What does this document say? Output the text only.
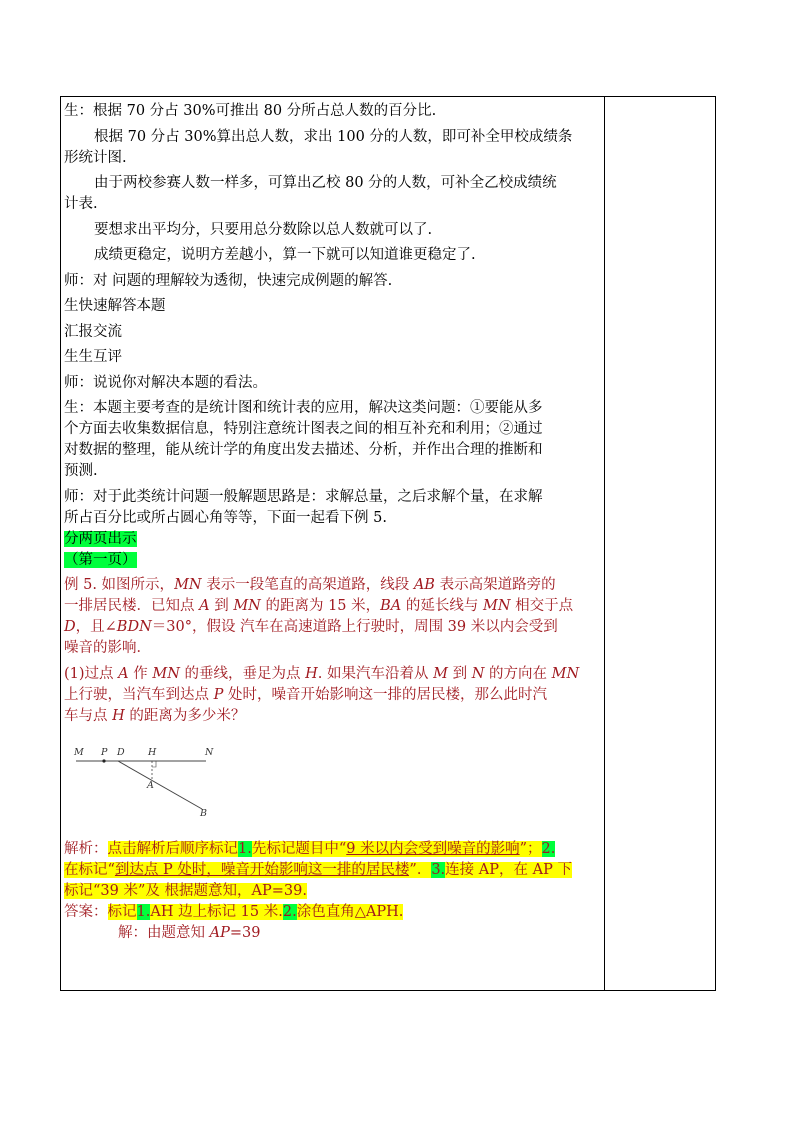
生：根据 70 分占 30%可推出 80 分所占总人数的百分比.
根据 70 分占 30%算出总人数，求出 100 分的人数，即可补全甲校成绩条
形统计图.
由于两校参赛人数一样多，可算出乙校 80 分的人数，可补全乙校成绩统
计表.
要想求出平均分，只要用总分数除以总人数就可以了.
成绩更稳定，说明方差越小，算一下就可以知道谁更稳定了.
师：对 问题的理解较为透彻，快速完成例题的解答.
生快速解答本题
汇报交流
生生互评
师：说说你对解决本题的看法。
生：本题主要考查的是统计图和统计表的应用，解决这类问题：①要能从多
个方面去收集数据信息，特别注意统计图表之间的相互补充和利用；②通过
对数据的整理，能从统计学的角度出发去描述、分析，并作出合理的推断和
预测.
师：对于此类统计问题一般解题思路是：求解总量，之后求解个量，在求解
所占百分比或所占圆心角等等，下面一起看下例 5.
分两页出示
（第一页）
例 5. 如图所示，MN 表示一段笔直的高架道路，线段 AB 表示高架道路旁的
一排居民楼．已知点 A 到 MN 的距离为 15 米，BA 的延长线与 MN 相交于点
D，且∠BDN＝30°，假设 汽车在高速道路上行驶时，周围 39 米以内会受到
噪音的影响．
(1)过点 A 作 MN 的垂线，垂足为点 H. 如果汽车沿着从 M 到 N 的方向在 MN
上行驶，当汽车到达点 P 处时，噪音开始影响这一排的居民楼，那么此时汽
车与点 H 的距离为多少米？
M P D H	N
A
B
解析：点击解析后顺序标记1.先标记题目中“9 米以内会受到噪音的影响”；2.
在标记“到达点 P 处时，噪音开始影响这一排的居民楼”．3.连接 AP，在 AP 下
标记“39 米”及 根据题意知，AP=39.
答案：标记1.AH 边上标记 15 米.2.涂色直角△APH.
解：由题意知 AP=39
